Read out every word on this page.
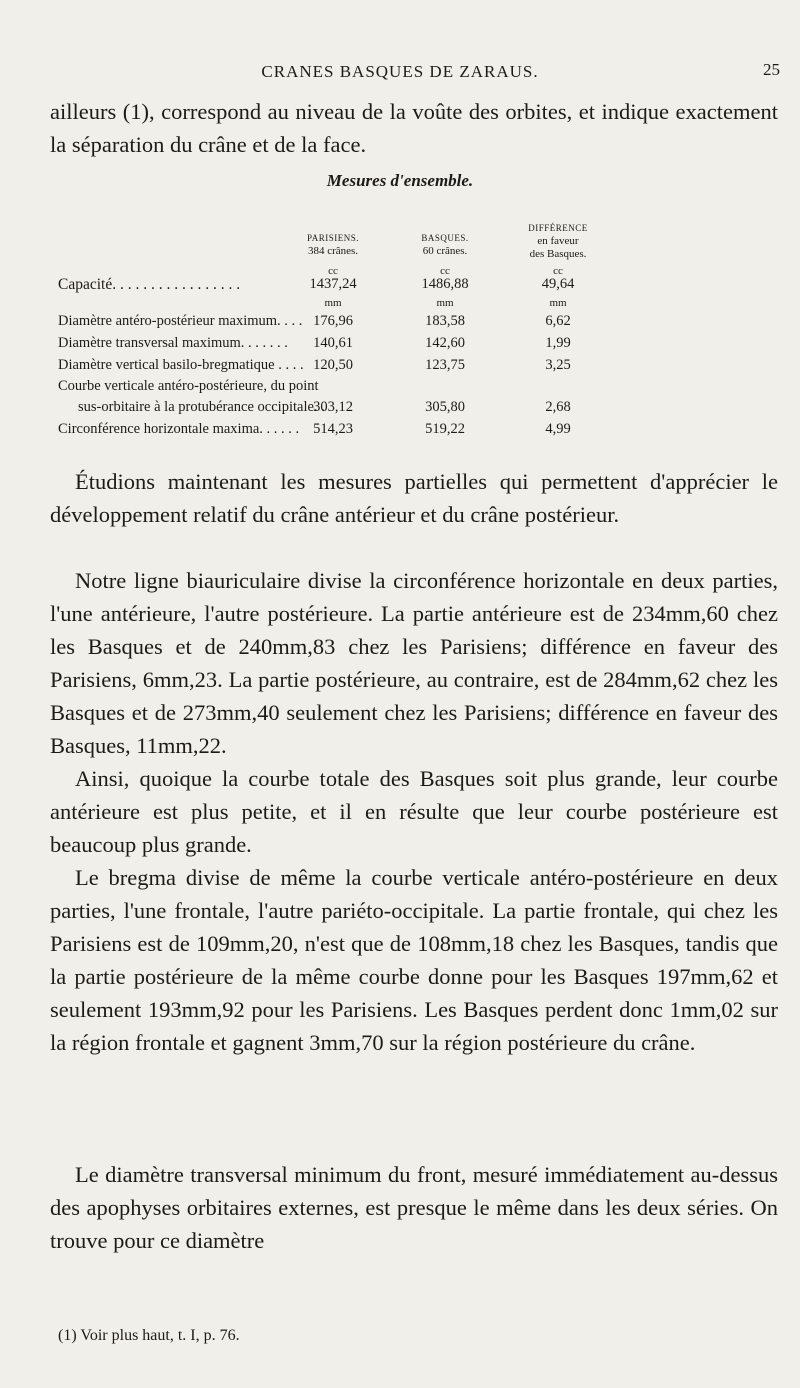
CRANES BASQUES DE ZARAUS.	25

ailleurs (1), correspond au niveau de la voûte des orbites, et indique exactement la séparation du crâne et de la face.

Mesures d'ensemble.
PARISIENS.
384 crânes.
BASQUES.
60 crânes.
DIFFÉRENCE
en faveur
des Basques.
cc	cc	cc
Capacité. . . . . . . . . . . . . . . . .	1437,24	1486,88	49,64
mm	mm	mm
Diamètre antéro-postérieur maximum. . . . 176,96	183,58	6,62
Diamètre transversal maximum. . . . . . .	140,61	142,60	1,99
Diamètre vertical basilo-bregmatique . . . . 120,50	123,75	3,25
Courbe verticale antéro-postérieure, du point
sus-orbitaire à la protubérance occipitale. .
303,12	305,80	2,68
Circonférence horizontale maxima. . . . . . 514,23	519,22	4,99

Étudions maintenant les mesures partielles qui permettent d'apprécier le développement relatif du crâne antérieur et du crâne postérieur.

Notre ligne biauriculaire divise la circonférence horizontale en deux parties, l'une antérieure, l'autre postérieure. La partie antérieure est de 234mm,60 chez les Basques et de 240mm,83 chez les Parisiens; différence en faveur des Parisiens, 6mm,23. La partie postérieure, au contraire, est de 284mm,62 chez les Basques et de 273mm,40 seulement chez les Parisiens; différence en faveur des Basques, 11mm,22.

Ainsi, quoique la courbe totale des Basques soit plus grande, leur courbe antérieure est plus petite, et il en résulte que leur courbe postérieure est beaucoup plus grande.

Le bregma divise de même la courbe verticale antéro-postérieure en deux parties, l'une frontale, l'autre pariéto-occipitale. La partie frontale, qui chez les Parisiens est de 109mm,20, n'est que de 108mm,18 chez les Basques, tandis que la partie postérieure de la même courbe donne pour les Basques 197mm,62 et seulement 193mm,92 pour les Parisiens. Les Basques perdent donc 1mm,02 sur la région frontale et gagnent 3mm,70 sur la région postérieure du crâne.

Le diamètre transversal minimum du front, mesuré immédiatement au-dessus des apophyses orbitaires externes, est presque le même dans les deux séries. On trouve pour ce diamètre

(1) Voir plus haut, t. I, p. 76.
